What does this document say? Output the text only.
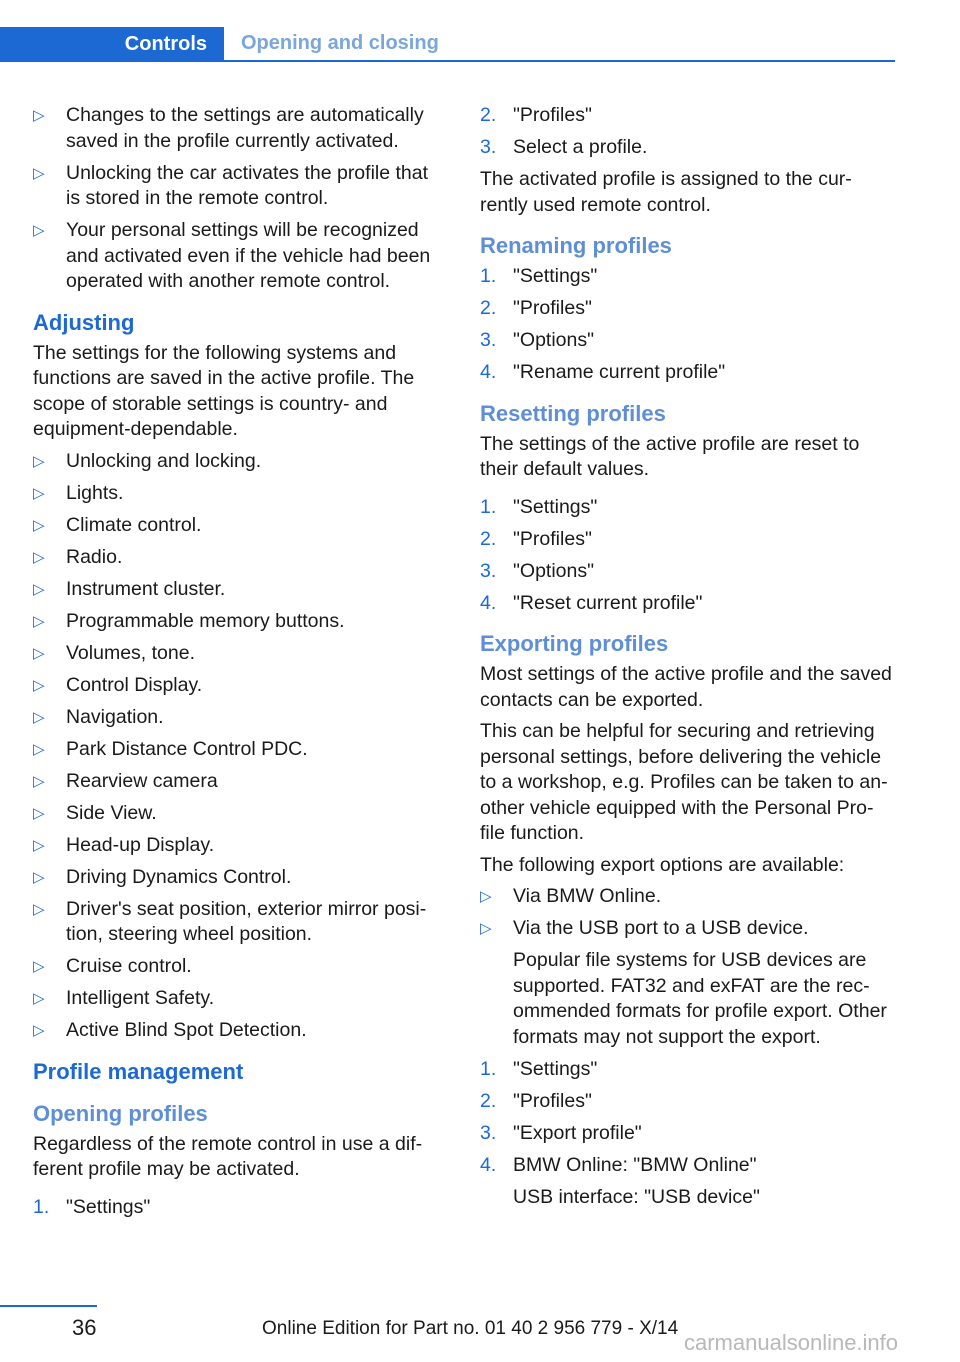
Controls	Opening and closing
▷	Changes to the settings are automatically saved in the profile currently activated.
▷	Unlocking the car activates the profile that is stored in the remote control.
▷	Your personal settings will be recognized and activated even if the vehicle had been operated with another remote control.
Adjusting

The settings for the following systems and functions are saved in the active profile. The scope of storable settings is country- and equipment-dependable.

▷	Unlocking and locking.
▷	Lights.
▷	Climate control.
▷	Radio.
▷	Instrument cluster.
▷	Programmable memory buttons.
▷	Volumes, tone.
▷	Control Display.
▷	Navigation.
▷	Park Distance Control PDC.
▷	Rearview camera
▷	Side View.
▷	Head-up Display.
▷	Driving Dynamics Control.
▷	Driver's seat position, exterior mirror posi‐tion, steering wheel position.
▷	Cruise control.
▷	Intelligent Safety.
▷	Active Blind Spot Detection.
Profile management
Opening profiles

Regardless of the remote control in use a dif‐ferent profile may be activated.

1. "Settings"
2. "Profiles"
3. Select a profile.

The activated profile is assigned to the cur‐rently used remote control.

Renaming profiles
1. "Settings"
2. "Profiles"
3. "Options"
4. "Rename current profile"
Resetting profiles

The settings of the active profile are reset to their default values.

1. "Settings"
2. "Profiles"
3. "Options"
4. "Reset current profile"
Exporting profiles

Most settings of the active profile and the saved contacts can be exported.

This can be helpful for securing and retrieving personal settings, before delivering the vehicle to a workshop, e.g. Profiles can be taken to an‐other vehicle equipped with the Personal Pro‐file function.

The following export options are available:

▷	Via BMW Online.
▷	Via the USB port to a USB device.
Popular file systems for USB devices are supported. FAT32 and exFAT are the rec‐ommended formats for profile export. Other formats may not support the export.
1. "Settings"
2. "Profiles"
3. "Export profile"
4. BMW Online: "BMW Online"
USB interface: "USB device"
36	Online Edition for Part no. 01 40 2 956 779 - X/14
carmanualsonline.info
